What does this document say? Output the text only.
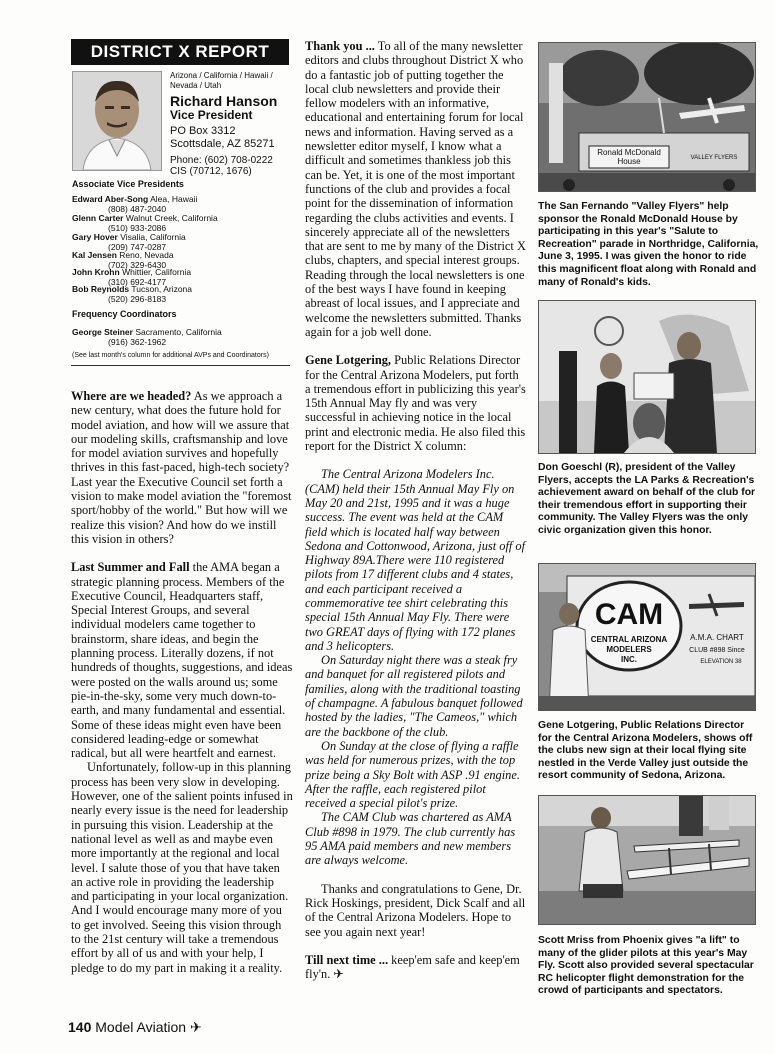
DISTRICT X REPORT
Arizona / California / Hawaii / Nevada / Utah
Richard Hanson
Vice President
PO Box 3312
Scottsdale, AZ 85271
Phone: (602) 708-0222
CIS (70712, 1676)
Associate Vice Presidents
Edward Aber-Song Alea, Hawaii
(808) 487-2040
Glenn Carter Walnut Creek, California
(510) 933-2086
Gary Hover Visalia, California
(209) 747-0287
Kal Jensen Reno, Nevada
(702) 329-6430
John Krohn Whittier, California
(310) 692-4177
Bob Reynolds Tucson, Arizona
(520) 296-8183
Frequency Coordinators
George Steiner Sacramento, California
(916) 362-1962
(See last month's column for additional AVPs and Coordinators)

Where are we headed? As we approach a new century, what does the future hold for model aviation, and how will we assure that our modeling skills, craftsmanship and love for model aviation survives and hopefully thrives in this fast-paced, high-tech society? Last year the Executive Council set forth a vision to make model aviation the "foremost sport/hobby of the world." But how will we realize this vision? And how do we instill this vision in others?

Last Summer and Fall the AMA began a strategic planning process. Members of the Executive Council, Headquarters staff, Special Interest Groups, and several individual modelers came together to brainstorm, share ideas, and begin the planning process. Literally dozens, if not hundreds of thoughts, suggestions, and ideas were posted on the walls around us; some pie-in-the-sky, some very much down-to-earth, and many fundamental and essential. Some of these ideas might even have been considered leading-edge or somewhat radical, but all were heartfelt and earnest.

Unfortunately, follow-up in this planning process has been very slow in developing. However, one of the salient points infused in nearly every issue is the need for leadership in pursuing this vision. Leadership at the national level as well as and maybe even more importantly at the regional and local level. I salute those of you that have taken an active role in providing the leadership and participating in your local organization. And I would encourage many more of you to get involved. Seeing this vision through to the 21st century will take a tremendous effort by all of us and with your help, I pledge to do my part in making it a reality.

Thank you ... To all of the many newsletter editors and clubs throughout District X who do a fantastic job of putting together the local club newsletters and provide their fellow modelers with an informative, educational and entertaining forum for local news and information. Having served as a newsletter editor myself, I know what a difficult and sometimes thankless job this can be. Yet, it is one of the most important functions of the club and provides a focal point for the dissemination of information regarding the clubs activities and events. I sincerely appreciate all of the newsletters that are sent to me by many of the District X clubs, chapters, and special interest groups. Reading through the local newsletters is one of the best ways I have found in keeping abreast of local issues, and I appreciate and welcome the newsletters submitted. Thanks again for a job well done.

Gene Lotgering, Public Relations Director for the Central Arizona Modelers, put forth a tremendous effort in publicizing this year's 15th Annual May fly and was very successful in achieving notice in the local print and electronic media. He also filed this report for the District X column:

The Central Arizona Modelers Inc. (CAM) held their 15th Annual May Fly on May 20 and 21st, 1995 and it was a huge success. The event was held at the CAM field which is located half way between Sedona and Cottonwood, Arizona, just off of Highway 89A.There were 110 registered pilots from 17 different clubs and 4 states, and each participant received a commemorative tee shirt celebrating this special 15th Annual May Fly. There were two GREAT days of flying with 172 planes and 3 helicopters.

On Saturday night there was a steak fry and banquet for all registered pilots and families, along with the traditional toasting of champagne. A fabulous banquet followed hosted by the ladies, "The Cameos," which are the backbone of the club.

On Sunday at the close of flying a raffle was held for numerous prizes, with the top prize being a Sky Bolt with ASP .91 engine. After the raffle, each registered pilot received a special pilot's prize.

The CAM Club was chartered as AMA Club #898 in 1979. The club currently has 95 AMA paid members and new members are always welcome.

Thanks and congratulations to Gene, Dr. Rick Hoskings, president, Dick Scalf and all of the Central Arizona Modelers. Hope to see you again next year!

Till next time ... keep'em safe and keep'em fly'n. ✈

Ronald McDonald
House	VALLEY FLYERS
The San Fernando "Valley Flyers" help sponsor the Ronald McDonald House by participating in this year's "Salute to Recreation" parade in Northridge, California, June 3, 1995. I was given the honor to ride this magnificent float along with Ronald and many of Ronald's kids.
Don Goeschl (R), president of the Valley Flyers, accepts the LA Parks & Recreation's achievement award on behalf of the club for their tremendous effort in supporting their community. The Valley Flyers was the only civic organization given this honor.
CAM
CENTRAL ARIZONA
MODELERS
INC.
A.M.A. CHART
CLUB #898 Since
ELEVATION 38
Gene Lotgering, Public Relations Director for the Central Arizona Modelers, shows off the clubs new sign at their local flying site nestled in the Verde Valley just outside the resort community of Sedona, Arizona.
Scott Mriss from Phoenix gives "a lift" to many of the glider pilots at this year's May Fly. Scott also provided several spectacular RC helicopter flight demonstration for the crowd of participants and spectators.
140 Model Aviation ✈
